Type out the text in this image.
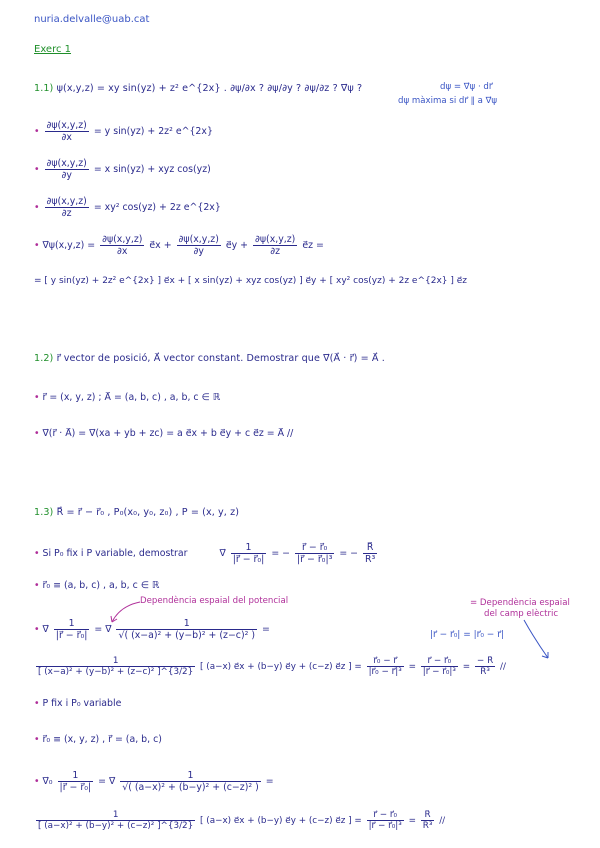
nuria.delvalle@uab.cat
Exerc 1
1.1) ψ(x,y,z) = xy sin(yz) + z² e^{2x} . ∂ψ/∂x ? ∂ψ/∂y ? ∂ψ/∂z ? ∇⃗ψ ?	dψ = ∇⃗ψ · dr⃗
dψ màxima si dr⃗ ∥ a ∇⃗ψ
• $\frac{\partial\psi(x,y,z)}{\partial x} = y$ sin(yz) + 2z² e^{2x}
• $\frac{\partial\psi(x,y,z)}{\partial y} = x$ sin(yz) + xyz cos(yz)
• $\frac{\partial\psi(x,y,z)}{\partial z} = xy^2$ cos(yz) + 2z e^{2x}
• ∇⃗ψ(x,y,z) = $\frac{\partial\psi(x,y,z)}{\partial x}$ e⃗x + $\frac{\partial\psi(x,y,z)}{\partial y}$ e⃗y + $\frac{\partial\psi(x,y,z)}{\partial z}$ e⃗z =
= [ y sin(yz) + 2z² e^{2x} ] e⃗x + [ x sin(yz) + xyz cos(yz) ] e⃗y + [ xy² cos(yz) + 2z e^{2x} ] e⃗z
1.2) r⃗ vector de posició, A⃗ vector constant. Demostrar que ∇⃗(A⃗ · r⃗) = A⃗ .
• r⃗ = (x, y, z) ; A⃗ = (a, b, c) , a, b, c ∈ ℝ
• ∇⃗(r⃗ · A⃗) = ∇⃗(xa + yb + zc) = a e⃗x + b e⃗y + c e⃗z = A⃗ //
1.3) R⃗ = r⃗ − r⃗₀ , P₀(x₀, y₀, z₀) , P = (x, y, z)
• Si P₀ fix i P variable, demostrar	∇⃗ $\frac{1}{\text{|r⃗ − r⃗₀|}}$ = − $\frac{\text{r⃗ − r⃗₀}}{\text{|r⃗ − r⃗₀|³}}$ = − $\frac{R⃗}{\text{R³}}$
• r⃗₀ ≡ (a, b, c) , a, b, c ∈ ℝ
Dependència espaial del potencial	= Dependència espaial
del camp elèctric
• ∇⃗ $\frac{1}{\text{|r⃗ − r⃗₀|}}$ = ∇⃗ $\frac{1}{\text{√( (x−a)² + (y−b)² + (z−c)² )}}$ =	|r⃗ − r⃗₀| = |r⃗₀ − r⃗|
$\frac{1}{\text{[ (x−a)² + (y−b)² + (z−c)² ]\textasciicircum{}\{3/2\}}}$ [ (a−x) e⃗x + (b−y) e⃗y + (c−z) e⃗z ] = $\frac{\text{r⃗₀ − r⃗}}{\text{|r⃗₀ − r⃗|³}} = \frac{\text{r⃗ − r⃗₀}}{\text{|r⃗ − r⃗₀|³}} = \frac{- R⃗}{\text{R³}}$ //
• P fix i P₀ variable
• r⃗₀ ≡ (x, y, z) , r⃗ = (a, b, c)
• ∇⃗₀ $\frac{1}{\text{|r⃗ − r⃗₀|}}$ = ∇⃗ $\frac{1}{\text{√( (a−x)² + (b−y)² + (c−z)² )}}$ =
$\frac{1}{\text{[ (a−x)² + (b−y)² + (c−z)² ]\textasciicircum{}\{3/2\}}}$ [ (a−x) e⃗x + (b−y) e⃗y + (c−z) e⃗z ] = $\frac{\text{r⃗ − r⃗₀}}{\text{|r⃗ − r⃗₀|³}} = \frac{R⃗}{\text{R³}}$ //
